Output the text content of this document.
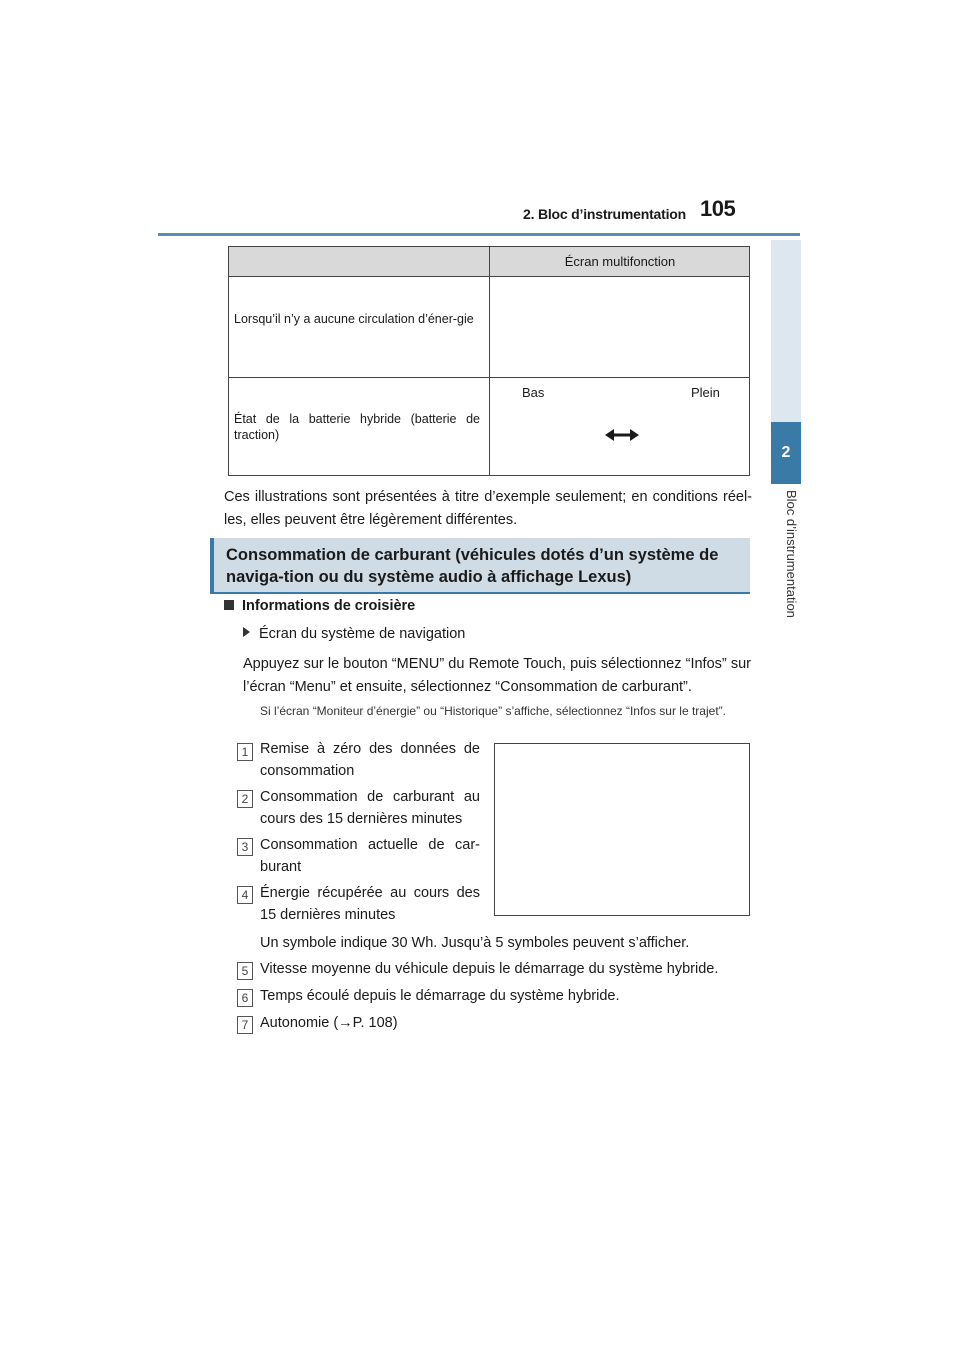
2. Bloc d’instrumentation 105
2
Bloc d’instrumentation
Écran multifonction
Lorsqu’il n’y a aucune circulation d’éner-gie
État de la batterie hybride (batterie de traction)
Bas	Plein
Ces illustrations sont présentées à titre d’exemple seulement; en conditions réel-les, elles peuvent être légèrement différentes.
Consommation de carburant (véhicules dotés d’un système de naviga-tion ou du système audio à affichage Lexus)
Informations de croisière
Écran du système de navigation
Appuyez sur le bouton “MENU” du Remote Touch, puis sélectionnez “Infos” sur l’écran “Menu” et ensuite, sélectionnez “Consommation de carburant”.
Si l’écran “Moniteur d’énergie” ou “Historique” s’affiche, sélectionnez “Infos sur le trajet”.
1 Remise à zéro des données de consommation
2 Consommation de carburant au cours des 15 dernières minutes
3 Consommation actuelle de car-burant
4 Énergie récupérée au cours des 15 dernières minutes
Un symbole indique 30 Wh. Jusqu’à 5 symboles peuvent s’afficher.
5 Vitesse moyenne du véhicule depuis le démarrage du système hybride.
6 Temps écoulé depuis le démarrage du système hybride.
7 Autonomie (→P. 108)
